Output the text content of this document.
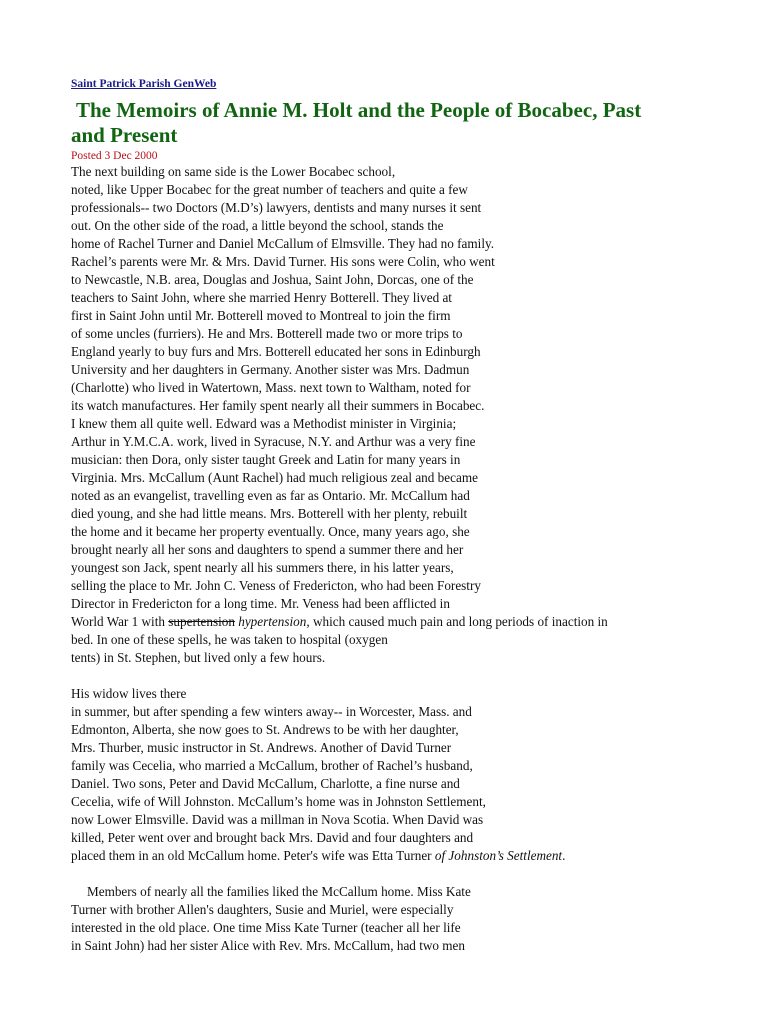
Saint Patrick Parish GenWeb
The Memoirs of Annie M. Holt and the People of Bocabec, Past
and Present
Posted 3 Dec 2000
The next building on same side is the Lower Bocabec school,
noted, like Upper Bocabec for the great number of teachers and quite a few
professionals-- two Doctors (M.D’s) lawyers, dentists and many nurses it sent
out. On the other side of the road, a little beyond the school, stands the
home of Rachel Turner and Daniel McCallum of Elmsville. They had no family.
Rachel’s parents were Mr. & Mrs. David Turner. His sons were Colin, who went
to Newcastle, N.B. area, Douglas and Joshua, Saint John, Dorcas, one of the
teachers to Saint John, where she married Henry Botterell. They lived at
first in Saint John until Mr. Botterell moved to Montreal to join the firm
of some uncles (furriers). He and Mrs. Botterell made two or more trips to
England yearly to buy furs and Mrs. Botterell educated her sons in Edinburgh
University and her daughters in Germany. Another sister was Mrs. Dadmun
(Charlotte) who lived in Watertown, Mass. next town to Waltham, noted for
its watch manufactures. Her family spent nearly all their summers in Bocabec.
I knew them all quite well. Edward was a Methodist minister in Virginia;
Arthur in Y.M.C.A. work, lived in Syracuse, N.Y. and Arthur was a very fine
musician: then Dora, only sister taught Greek and Latin for many years in
Virginia. Mrs. McCallum (Aunt Rachel) had much religious zeal and became
noted as an evangelist, travelling even as far as Ontario. Mr. McCallum had
died young, and she had little means. Mrs. Botterell with her plenty, rebuilt
the home and it became her property eventually. Once, many years ago, she
brought nearly all her sons and daughters to spend a summer there and her
youngest son Jack, spent nearly all his summers there, in his latter years,
selling the place to Mr. John C. Veness of Fredericton, who had been Forestry
Director in Fredericton for a long time. Mr. Veness had been afflicted in
World War 1 with supertension hypertension, which caused much pain and long periods of inaction in
bed. In one of these spells, he was taken to hospital (oxygen
tents) in St. Stephen, but lived only a few hours.
His widow lives there
in summer, but after spending a few winters away-- in Worcester, Mass. and
Edmonton, Alberta, she now goes to St. Andrews to be with her daughter,
Mrs. Thurber, music instructor in St. Andrews. Another of David Turner
family was Cecelia, who married a McCallum, brother of Rachel’s husband,
Daniel. Two sons, Peter and David McCallum, Charlotte, a fine nurse and
Cecelia, wife of Will Johnston. McCallum’s home was in Johnston Settlement,
now Lower Elmsville. David was a millman in Nova Scotia. When David was
killed, Peter went over and brought back Mrs. David and four daughters and
placed them in an old McCallum home. Peter's wife was Etta Turner of Johnston’s Settlement.
Members of nearly all the families liked the McCallum home. Miss Kate
Turner with brother Allen's daughters, Susie and Muriel, were especially
interested in the old place. One time Miss Kate Turner (teacher all her life
in Saint John) had her sister Alice with Rev. Mrs. McCallum, had two men
